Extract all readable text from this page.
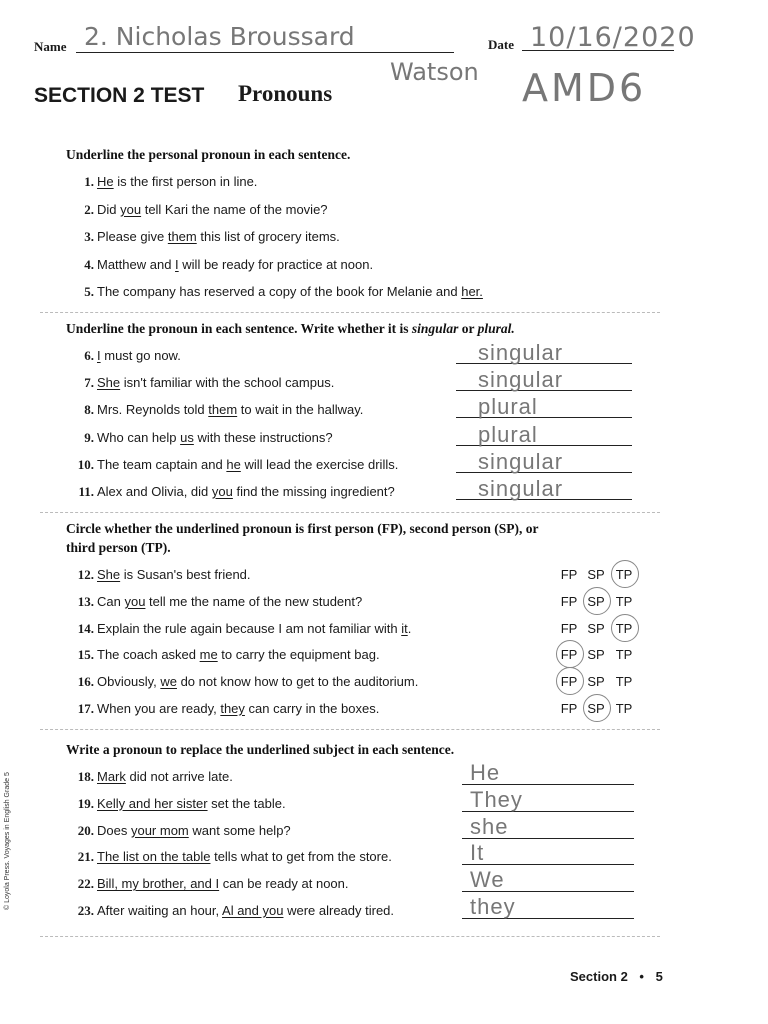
Name 2. Nicholas Broussard	Date 10/16/2020
Watson AMD6
SECTION 2 TEST Pronouns
Underline the personal pronoun in each sentence.
1. He is the first person in line.
2. Did you tell Kari the name of the movie?
3. Please give them this list of grocery items.
4. Matthew and I will be ready for practice at noon.
5. The company has reserved a copy of the book for Melanie and her.
Underline the pronoun in each sentence. Write whether it is singular or plural.
6. I must go now.	singular
7. She isn't familiar with the school campus.	singular
8. Mrs. Reynolds told them to wait in the hallway.	plural
9. Who can help us with these instructions?	plural
10. The team captain and he will lead the exercise drills.	singular
11. Alex and Olivia, did you find the missing ingredient?	singular
Circle whether the underlined pronoun is first person (FP), second person (SP), or
third person (TP).
12. She is Susan's best friend.	FP SP TP
13. Can you tell me the name of the new student?	FP SP TP
14. Explain the rule again because I am not familiar with it.	FP SP TP
15. The coach asked me to carry the equipment bag.	FP SP TP
16. Obviously, we do not know how to get to the auditorium.	FP SP TP
17. When you are ready, they can carry in the boxes.	FP SP TP
Write a pronoun to replace the underlined subject in each sentence.
18. Mark did not arrive late.	He
19. Kelly and her sister set the table.	They
20. Does your mom want some help?	she
21. The list on the table tells what to get from the store.	It
22. Bill, my brother, and I can be ready at noon.	We
23. After waiting an hour, Al and you were already tired.	they
Section 2 • 5
© Loyola Press. Voyages in English Grade 5
